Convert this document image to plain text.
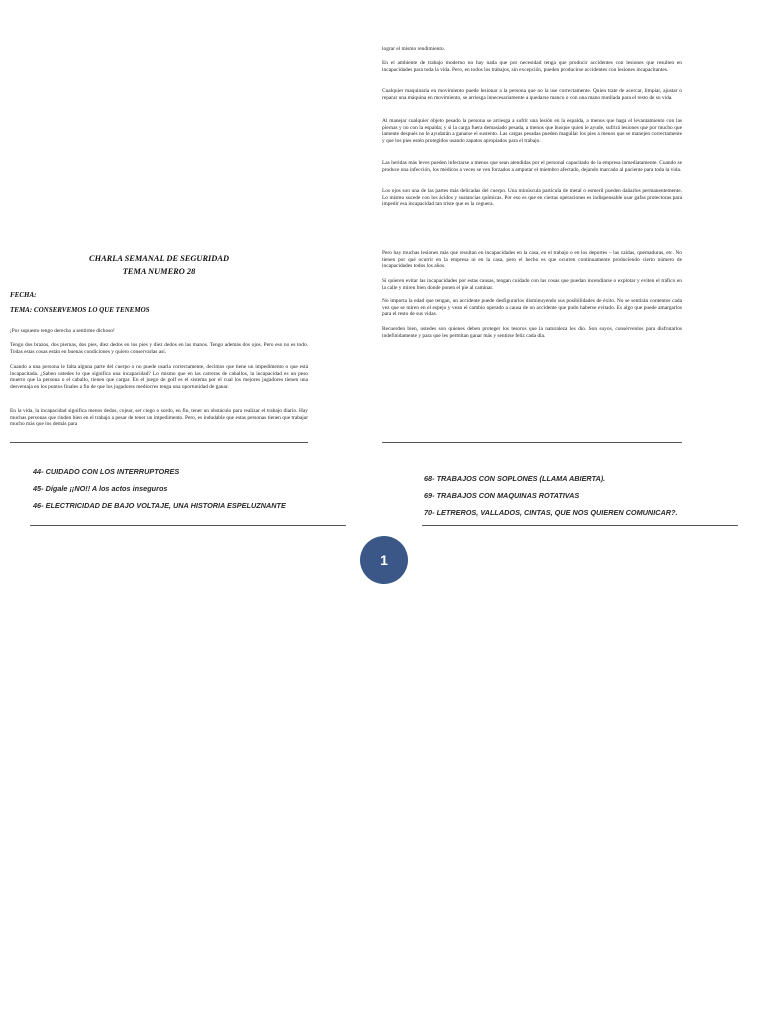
CHARLA SEMANAL DE SEGURIDAD
TEMA NUMERO 28
FECHA:
TEMA: CONSERVEMOS LO QUE TENEMOS

¡Por supuesto tengo derecho a sentirme dichoso!

Tengo dos brazos, dos piernas, dos pies, diez dedos en los pies y diez dedos en las manos. Tengo además dos ojos. Pero eso no es todo. Todas estas cosas están en buenas condiciones y quiero conservarlas así.

Cuando a una persona le falta alguna parte del cuerpo o no puede usarla correctamente, decimos que tiene un impedimento o que está incapacitada. ¿Saben ustedes lo que significa una incapacidad? Lo mismo que en las carreras de caballos, la incapacidad es un peso muerto que la persona o el caballo, tienen que cargar. En el juego de golf es el sistema por el cual los mejores jugadores tienen una desventaja en los puntos finales a fin de que los jugadores mediocres tenga una oportunidad de ganar.

En la vida, la incapacidad significa menos dedos, cojear, ser ciego o sordo, en fin, tener un obstáculo para realizar el trabajo diario. Hay muchas personas que rinden bien en el trabajo a pesar de tener un impedimento. Pero, es indudable que estas personas tienen que trabajar mucho más que los demás para

lograr el mismo rendimiento.

En el ambiente de trabajo moderno no hay nada que por necesidad tenga que producir accidentes con lesiones que resulten en incapacidades para toda la vida. Pero, en todos los trabajos, sin excepción, pueden producirse accidentes con lesiones incapacitantes.

Cualquier maquinaria en movimiento puede lesionar a la persona que no la use correctamente. Quien trate de acercar, limpiar, ajustar o reparar una máquina en movimiento, se arriesga innecesariamente a quedarse manco o con una mano mutilada para el resto de su vida.

Al manejar cualquier objeto pesado la persona se arriesga a sufrir una lesión en la espalda, a menos que haga el levantamiento con las piernas y no con la espalda; y si la carga fuera demasiado pesada, a menos que busque quien le ayude, sufrirá lesiones que por mucho que lamente después no le ayudarán a ganarse el sustento. Las cargas pesadas pueden magullar los pies a menos que se manejen correctamente y que los pies estén protegidos usando zapatos apropiados para el trabajo.

Las heridas más leves pueden infectarse a menos que sean atendidas por el personal capacitado de la empresa inmediatamente. Cuando se produce una infección, los médicos a veces se ven forzados a amputar el miembro afectado, dejando marcado al paciente para toda la vida.

Los ojos son una de las partes más delicadas del cuerpo. Una minúscula partícula de metal o esmeril pueden dañarlos permanentemente. Lo mismo sucede con los ácidos y sustancias químicas. Por eso es que en ciertas operaciones es indispensable usar gafas protectoras para impedir esa incapacidad tan triste que es la ceguera.

Pero hay muchas lesiones más que resultan en incapacidades en la casa, en el trabajo o en los deportes – las caídas, quemaduras, etc. No tienen por qué ocurrir en la empresa ni en la casa, pero el hecho es que ocurren continuamente produciendo cierto número de incapacidades todos los años.

Si quieren evitar las incapacidades por estas causas, tengan cuidado con las cosas que puedan incendiarse o explotar y eviten el tráfico en la calle y miren bien donde ponen el pie al caminar.

No importa la edad que tengan, un accidente puede desfigurarlos disminuyendo sus posibilidades de éxito. No se sentirán contentos cada vez que se miren en el espejo y vean el cambio operado a causa de un accidente que pudo haberse evitado. Es algo que puede amargarlos para el resto de sus vidas.

Recuerden bien, ustedes son quienes deben proteger los tesoros que la naturaleza les dio. Son suyos, consérvenlos para disfrutarlos indefinidamente y para que les permitan ganar más y sentirse feliz cada día.

44- CUIDADO CON LOS INTERRUPTORES
45- Dígale ¡¡NO!! A los actos inseguros
46- ELECTRICIDAD DE BAJO VOLTAJE, UNA HISTORIA ESPELUZNANTE
68- TRABAJOS CON SOPLONES (LLAMA ABIERTA).
69- TRABAJOS CON MAQUINAS ROTATIVAS
70- LETREROS, VALLADOS, CINTAS, QUE NOS QUIEREN COMUNICAR?.
1
